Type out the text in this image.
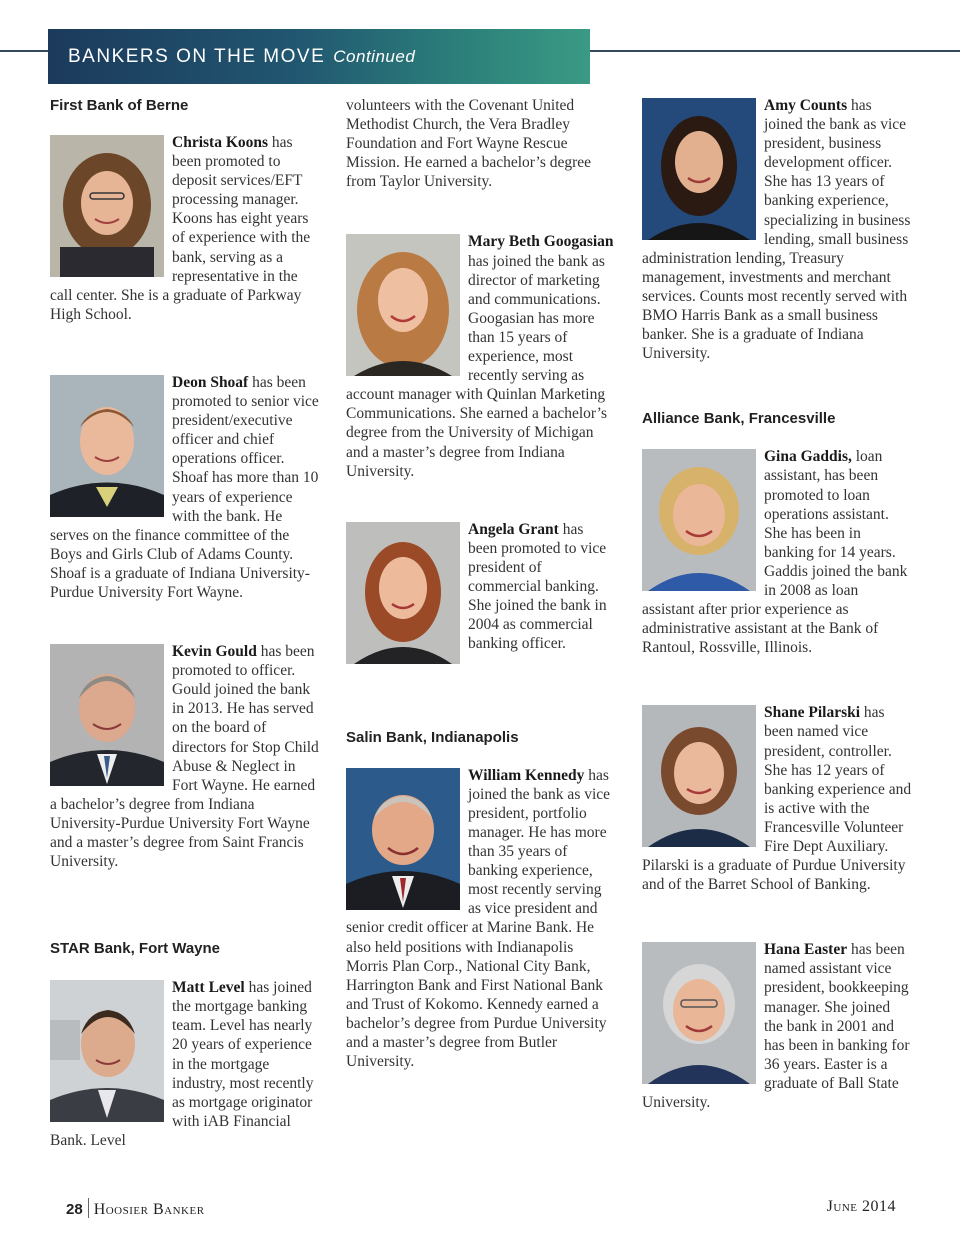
BANKERS ON THE MOVE Continued
First Bank of Berne

Christa Koons has been promoted to deposit services/EFT processing manager. Koons has eight years of experience with the bank, serving as a representative in the call center. She is a graduate of Parkway High School.

Deon Shoaf has been promoted to senior vice president/executive officer and chief operations officer. Shoaf has more than 10 years of experience with the bank. He serves on the finance committee of the Boys and Girls Club of Adams County. Shoaf is a graduate of Indiana University-Purdue University Fort Wayne.

Kevin Gould has been promoted to officer. Gould joined the bank in 2013. He has served on the board of directors for Stop Child Abuse & Neglect in Fort Wayne. He earned a bachelor’s degree from Indiana University-Purdue University Fort Wayne and a master’s degree from Saint Francis University.

STAR Bank, Fort Wayne

Matt Level has joined the mortgage banking team. Level has nearly 20 years of experience in the mortgage industry, most recently as mortgage originator with iAB Financial Bank. Level

volunteers with the Covenant United Methodist Church, the Vera Bradley Foundation and Fort Wayne Rescue Mission. He earned a bachelor’s degree from Taylor University.

Mary Beth Googasian has joined the bank as director of marketing and communications. Googasian has more than 15 years of experience, most recently serving as account manager with Quinlan Marketing Communications. She earned a bachelor’s degree from the University of Michigan and a master’s degree from Indiana University.

Angela Grant has been promoted to vice president of commercial banking. She joined the bank in 2004 as commercial banking officer.

Salin Bank, Indianapolis

William Kennedy has joined the bank as vice president, portfolio manager. He has more than 35 years of banking experience, most recently serving as vice president and senior credit officer at Marine Bank. He also held positions with Indianapolis Morris Plan Corp., National City Bank, Harrington Bank and First National Bank and Trust of Kokomo. Kennedy earned a bachelor’s degree from Purdue University and a master’s degree from Butler University.

Amy Counts has joined the bank as vice president, business development officer. She has 13 years of banking experience, specializing in business lending, small business administration lending, Treasury management, investments and merchant services. Counts most recently served with BMO Harris Bank as a small business banker. She is a graduate of Indiana University.

Alliance Bank, Francesville

Gina Gaddis, loan assistant, has been promoted to loan operations assistant. She has been in banking for 14 years. Gaddis joined the bank in 2008 as loan assistant after prior experience as administrative assistant at the Bank of Rantoul, Rossville, Illinois.

Shane Pilarski has been named vice president, controller. She has 12 years of banking experience and is active with the Francesville Volunteer Fire Dept Auxiliary. Pilarski is a graduate of Purdue University and of the Barret School of Banking.

Hana Easter has been named assistant vice president, bookkeeping manager. She joined the bank in 2001 and has been in banking for 36 years. Easter is a graduate of Ball State University.

28 Hoosier Banker	June 2014
